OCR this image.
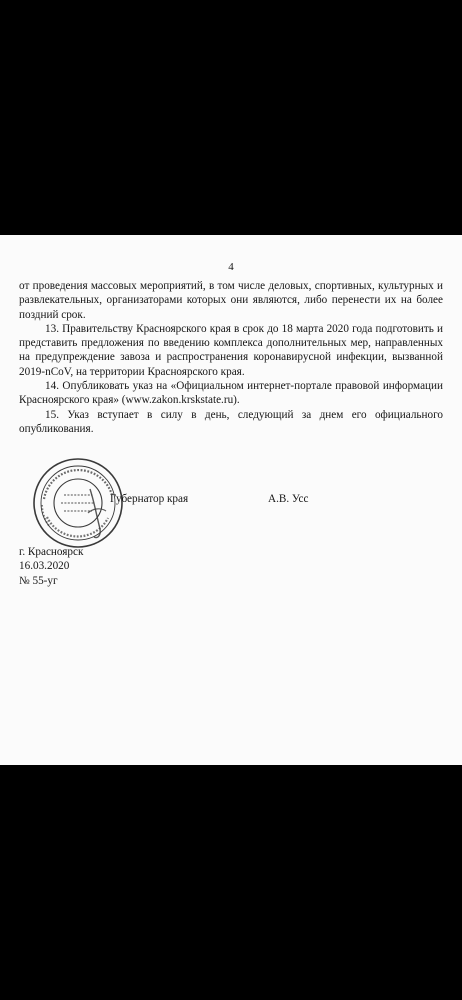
4

от проведения массовых мероприятий, в том числе деловых, спортивных, культурных и развлекательных, организаторами которых они являются, либо перенести их на более поздний срок.

13. Правительству Красноярского края в срок до 18 марта 2020 года подготовить и представить предложения по введению комплекса дополнительных мер, направленных на предупреждение завоза и распространения коронавирусной инфекции, вызванной 2019-nCoV, на территории Красноярского края.

14. Опубликовать указ на «Официальном интернет-портале правовой информации Красноярского края» (www.zakon.krskstate.ru).

15. Указ вступает в силу в день, следующий за днем его официального опубликования.

Губернатор края	А.В. Усс
г. Красноярск
16.03.2020
№ 55-уг
